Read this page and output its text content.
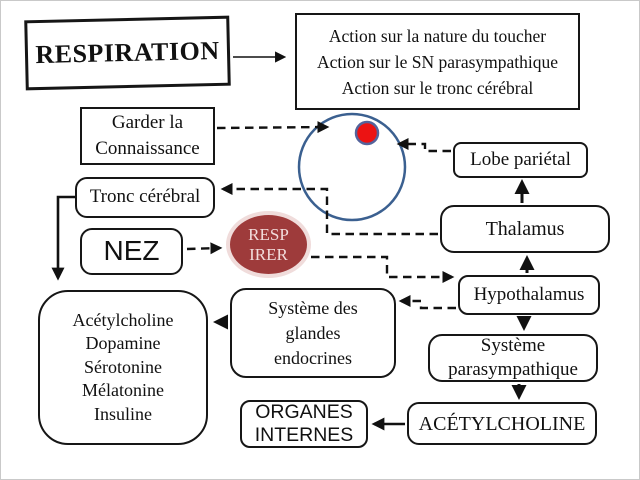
RESPIRATION
Action sur la nature du toucher
Action sur le SN parasympathique
Action sur le tronc cérébral
Garder la
Connaissance
Tronc cérébral
NEZ
RESP
IRER
Lobe pariétal
Thalamus
Hypothalamus
Système des
glandes
endocrines
Acétylcholine
Dopamine
Sérotonine
Mélatonine
Insuline
Système
parasympathique
ORGANES
INTERNES
ACÉTYLCHOLINE
